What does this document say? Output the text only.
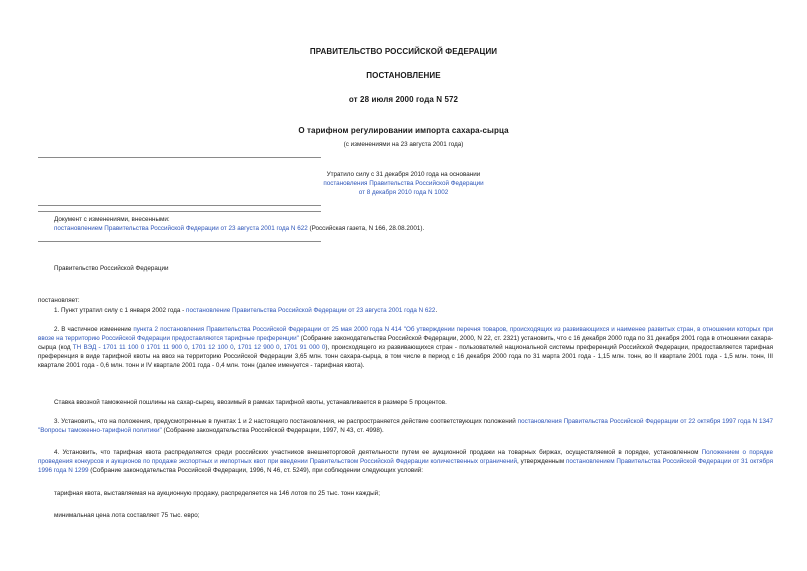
ПРАВИТЕЛЬСТВО РОССИЙСКОЙ ФЕДЕРАЦИИ
ПОСТАНОВЛЕНИЕ
от 28 июля 2000 года N 572
О тарифном регулировании импорта сахара-сырца
(с изменениями на 23 августа 2001 года)
Утратило силу с 31 декабря 2010 года на основании
постановления Правительства Российской Федерации
от 8 декабря 2010 года N 1002
Документ с изменениями, внесенными:
постановлением Правительства Российской Федерации от 23 августа 2001 года N 622 (Российская газета, N 166, 28.08.2001).
Правительство Российской Федерации
постановляет:
1. Пункт утратил силу с 1 января 2002 года - постановление Правительства Российской Федерации от 23 августа 2001 года N 622.
2. В частичное изменение пункта 2 постановления Правительства Российской Федерации от 25 мая 2000 года N 414 "Об утверждении перечня товаров, происходящих из развивающихся и наименее развитых стран, в отношении которых при ввозе на территорию Российской Федерации предоставляются тарифные преференции" (Собрание законодательства Российской Федерации, 2000, N 22, ст. 2321) установить, что с 16 декабря 2000 года по 31 декабря 2001 года в отношении сахара-сырца (код ТН ВЭД - 1701 11 100 0 1701 11 900 0, 1701 12 100 0, 1701 12 900 0, 1701 91 000 0), происходящего из развивающихся стран - пользователей национальной системы преференций Российской Федерации, предоставляется тарифная преференция в виде тарифной квоты на ввоз на территорию Российской Федерации 3,65 млн. тонн сахара-сырца, в том числе в период с 16 декабря 2000 года по 31 марта 2001 года - 1,15 млн. тонн, во II квартале 2001 года - 1,5 млн. тонн, III квартале 2001 года - 0,6 млн. тонн и IV квартале 2001 года - 0,4 млн. тонн (далее именуется - тарифная квота).
Ставка ввозной таможенной пошлины на сахар-сырец, ввозимый в рамках тарифной квоты, устанавливается в размере 5 процентов.
3. Установить, что на положения, предусмотренные в пунктах 1 и 2 настоящего постановления, не распространяется действие соответствующих положений постановления Правительства Российской Федерации от 22 октября 1997 года N 1347 "Вопросы таможенно-тарифной политики" (Собрание законодательства Российской Федерации, 1997, N 43, ст. 4998).
4. Установить, что тарифная квота распределяется среди российских участников внешнеторговой деятельности путем ее аукционной продажи на товарных биржах, осуществляемой в порядке, установленном Положением о порядке проведения конкурсов и аукционов по продаже экспортных и импортных квот при введении Правительством Российской Федерации количественных ограничений, утвержденным постановлением Правительства Российской Федерации от 31 октября 1996 года N 1299 (Собрание законодательства Российской Федерации, 1996, N 46, ст. 5249), при соблюдении следующих условий:
тарифная квота, выставляемая на аукционную продажу, распределяется на 146 лотов по 25 тыс. тонн каждый;
минимальная цена лота составляет 75 тыс. евро;
